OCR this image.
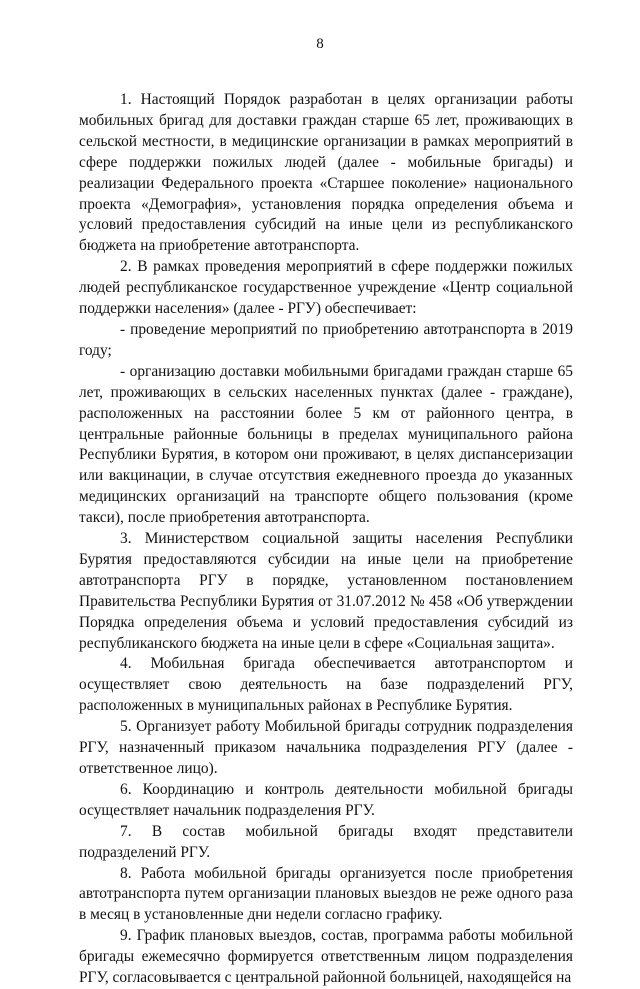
8

1. Настоящий Порядок разработан в целях организации работы мобильных бригад для доставки граждан старше 65 лет, проживающих в сельской местности, в медицинские организации в рамках мероприятий в сфере поддержки пожилых людей (далее - мобильные бригады) и реализации Федерального проекта «Старшее поколение» национального проекта «Демография», установления порядка определения объема и условий предоставления субсидий на иные цели из республиканского бюджета на приобретение автотранспорта.

2. В рамках проведения мероприятий в сфере поддержки пожилых людей республиканское государственное учреждение «Центр социальной поддержки населения» (далее - РГУ) обеспечивает:

- проведение мероприятий по приобретению автотранспорта в 2019 году;

- организацию доставки мобильными бригадами граждан старше 65 лет, проживающих в сельских населенных пунктах (далее - граждане), расположенных на расстоянии более 5 км от районного центра, в центральные районные больницы в пределах муниципального района Республики Бурятия, в котором они проживают, в целях диспансеризации или вакцинации, в случае отсутствия ежедневного проезда до указанных медицинских организаций на транспорте общего пользования (кроме такси), после приобретения автотранспорта.

3. Министерством социальной защиты населения Республики Бурятия предоставляются субсидии на иные цели на приобретение автотранспорта РГУ в порядке, установленном постановлением Правительства Республики Бурятия от 31.07.2012 № 458 «Об утверждении Порядка определения объема и условий предоставления субсидий из республиканского бюджета на иные цели в сфере «Социальная защита».

4. Мобильная бригада обеспечивается автотранспортом и осуществляет свою деятельность на базе подразделений РГУ, расположенных в муниципальных районах в Республике Бурятия.

5. Организует работу Мобильной бригады сотрудник подразделения РГУ, назначенный приказом начальника подразделения РГУ (далее - ответственное лицо).

6. Координацию и контроль деятельности мобильной бригады осуществляет начальник подразделения РГУ.

7. В состав мобильной бригады входят представители подразделений РГУ.

8. Работа мобильной бригады организуется после приобретения автотранспорта путем организации плановых выездов не реже одного раза в месяц в установленные дни недели согласно графику.

9. График плановых выездов, состав, программа работы мобильной бригады ежемесячно формируется ответственным лицом подразделения РГУ, согласовывается с центральной районной больницей, находящейся на
